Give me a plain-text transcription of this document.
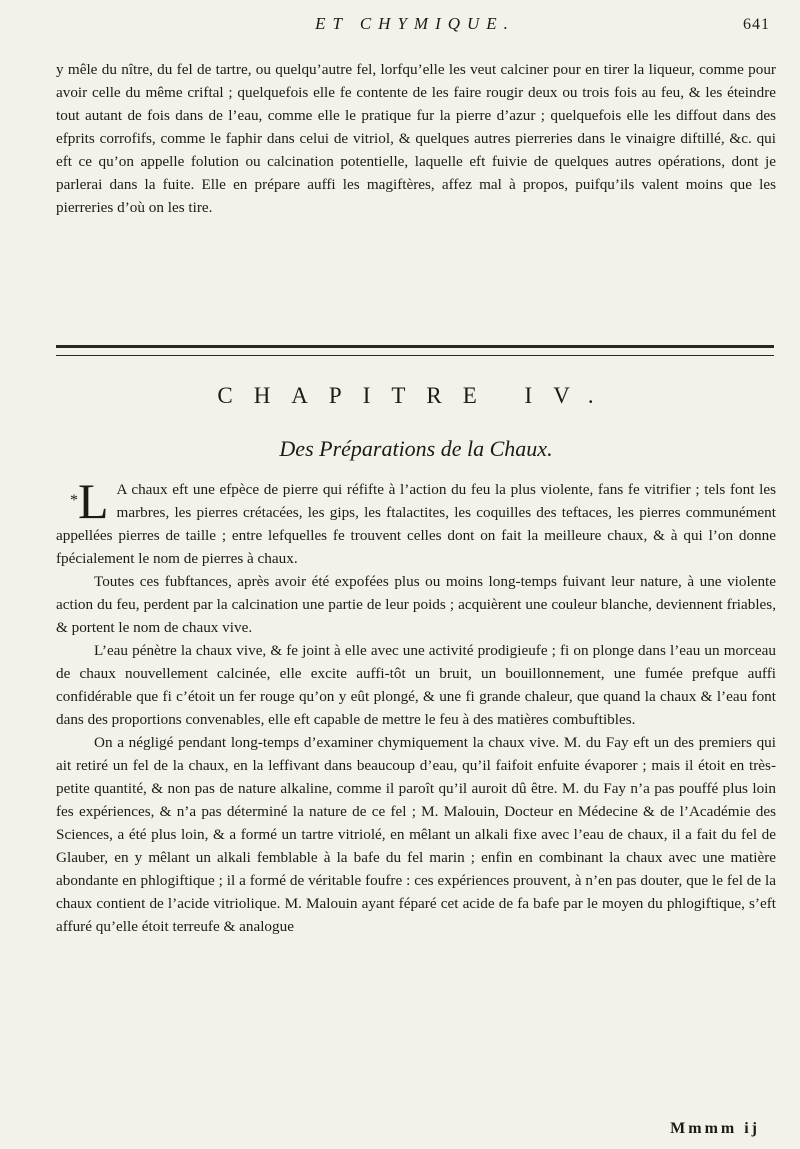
ET CHYMIQUE.	641

y mêle du nître, du fel de tartre, ou quelqu’autre fel, lorfqu’elle les veut calciner pour en tirer la liqueur, comme pour avoir celle du même criftal ; quelquefois elle fe contente de les faire rougir deux ou trois fois au feu, & les éteindre tout autant de fois dans de l’eau, comme elle le pratique fur la pierre d’azur ; quelquefois elle les diffout dans des efprits corrofifs, comme le faphir dans celui de vitriol, & quelques autres pierreries dans le vinaigre diftillé, &c. qui eft ce qu’on appelle folution ou calcination potentielle, laquelle eft fuivie de quelques autres opérations, dont je parlerai dans la fuite. Elle en prépare auffi les magiftères, affez mal à propos, puifqu’ils valent moins que les pierreries d’où on les tire.

CHAPITRE IV.
Des Préparations de la Chaux.

*L A chaux eft une efpèce de pierre qui réfifte à l’action du feu la plus violente, fans fe vitrifier ; tels font les marbres, les pierres crétacées, les gips, les ftalactites, les coquilles des teftaces, les pierres communément appellées pierres de taille ; entre lefquelles fe trouvent celles dont on fait la meilleure chaux, & à qui l’on donne fpécialement le nom de pierres à chaux.

Toutes ces fubftances, après avoir été expofées plus ou moins long-temps fuivant leur nature, à une violente action du feu, perdent par la calcination une partie de leur poids ; acquièrent une couleur blanche, deviennent friables, & portent le nom de chaux vive.

L’eau pénètre la chaux vive, & fe joint à elle avec une activité prodigieufe ; fi on plonge dans l’eau un morceau de chaux nouvellement calcinée, elle excite auffi-tôt un bruit, un bouillonnement, une fumée prefque auffi confidérable que fi c’étoit un fer rouge qu’on y eût plongé, & une fi grande chaleur, que quand la chaux & l’eau font dans des proportions convenables, elle eft capable de mettre le feu à des matières combuftibles.

On a négligé pendant long-temps d’examiner chymiquement la chaux vive. M. du Fay eft un des premiers qui ait retiré un fel de la chaux, en la leffivant dans beaucoup d’eau, qu’il faifoit enfuite évaporer ; mais il étoit en très-petite quantité, & non pas de nature alkaline, comme il paroît qu’il auroit dû être. M. du Fay n’a pas pouffé plus loin fes expériences, & n’a pas déterminé la nature de ce fel ; M. Malouin, Docteur en Médecine & de l’Académie des Sciences, a été plus loin, & a formé un tartre vitriolé, en mêlant un alkali fixe avec l’eau de chaux, il a fait du fel de Glauber, en y mêlant un alkali femblable à la bafe du fel marin ; enfin en combinant la chaux avec une matière abondante en phlogiftique ; il a formé de véritable foufre : ces expériences prouvent, à n’en pas douter, que le fel de la chaux contient de l’acide vitriolique. M. Malouin ayant féparé cet acide de fa bafe par le moyen du phlogiftique, s’eft affuré qu’elle étoit terreufe & analogue

Mmmm ij
